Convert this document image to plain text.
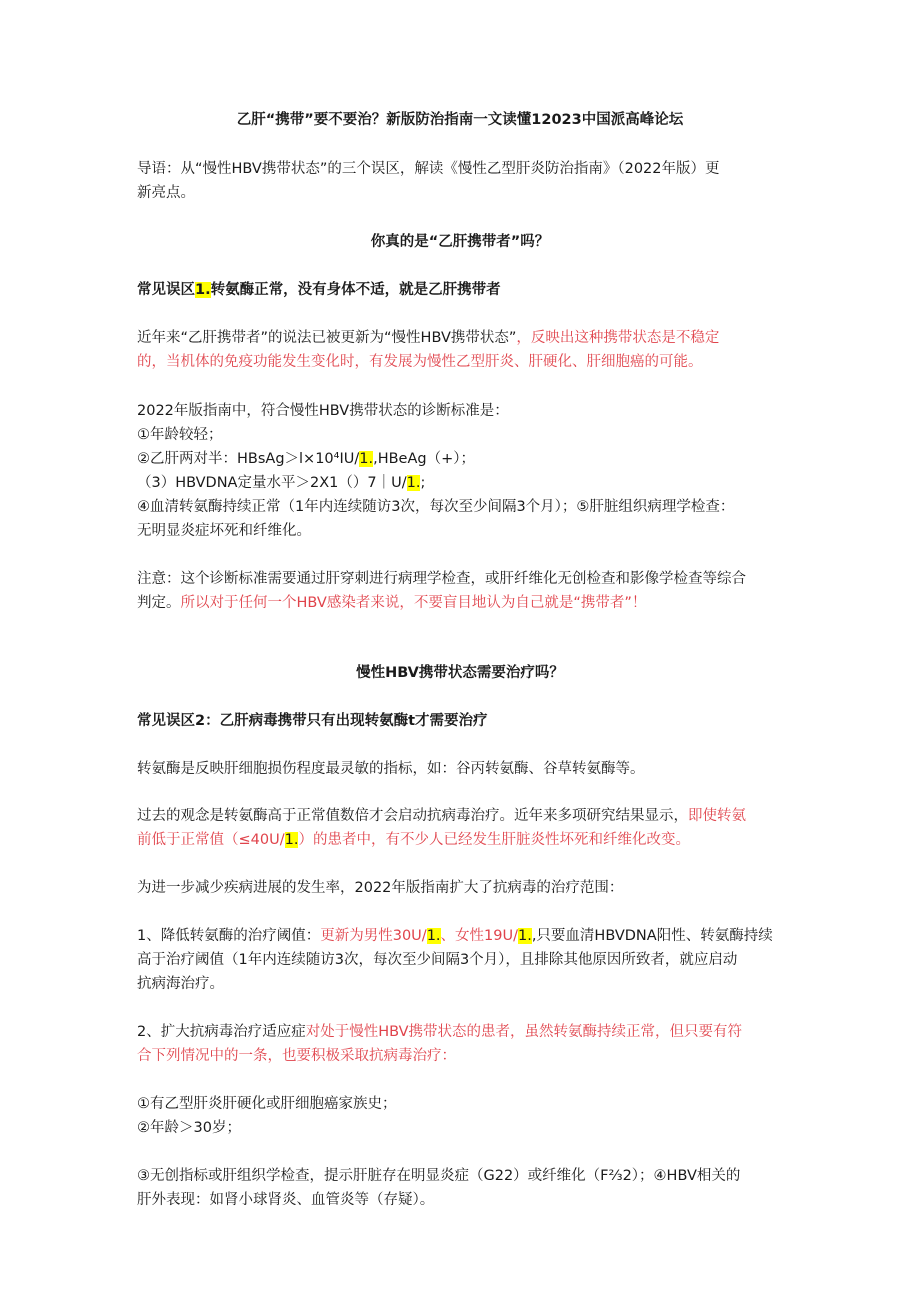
乙肝“携带”要不要治？新版防治指南一文读懂12023中国派高峰论坛
导语：从“慢性HBV携带状态”的三个误区，解读《慢性乙型肝炎防治指南》（2022年版）更
新亮点。
你真的是“乙肝携带者”吗？
常见误区1.转氨酶正常，没有身体不适，就是乙肝携带者
近年来“乙肝携带者”的说法已被更新为“慢性HBV携带状态”，反映出这种携带状态是不稳定
的，当机体的免疫功能发生变化时，有发展为慢性乙型肝炎、肝硬化、肝细胞癌的可能。
2022年版指南中，符合慢性HBV携带状态的诊断标准是：
①年龄较轻；
②乙肝两对半：HBsAg＞l×10⁴IU∕1.,HBeAg（+）；
（3）HBVDNA定量水平＞2X1（）7｜U∕1.;
④血清转氨酶持续正常（1年内连续随访3次，每次至少间隔3个月）；⑤肝脏组织病理学检查：
无明显炎症坏死和纤维化。
注意：这个诊断标准需要通过肝穿刺进行病理学检查，或肝纤维化无创检查和影像学检查等综合
判定。所以对于任何一个HBV感染者来说，不要盲目地认为自己就是“携带者”！
慢性HBV携带状态需要治疗吗？
常见误区2：乙肝病毒携带只有出现转氨酶t才需要治疗
转氨酶是反映肝细胞损伤程度最灵敏的指标，如：谷丙转氨酶、谷草转氨酶等。
过去的观念是转氨酶高于正常值数倍才会启动抗病毒治疗。近年来多项研究结果显示，即使转氨
前低于正常值（≤40U∕1.）的患者中，有不少人已经发生肝脏炎性坏死和纤维化改变。
为进一步减少疾病进展的发生率，2022年版指南扩大了抗病毒的治疗范围：
1、降低转氨酶的治疗阈值：更新为男性30U∕1.、女性19U∕1.,只要血清HBVDNA阳性、转氨酶持续
高于治疗阈值（1年内连续随访3次，每次至少间隔3个月），且排除其他原因所致者，就应启动
抗病海治疗。
2、扩大抗病毒治疗适应症对处于慢性HBV携带状态的患者，虽然转氨酶持续正常，但只要有符
合下列情况中的一条，也要积极采取抗病毒治疗：
①有乙型肝炎肝硬化或肝细胞癌家族史；
②年龄＞30岁；
③无创指标或肝组织学检查，提示肝脏存在明显炎症（G22）或纤维化（F⅔2）；④HBV相关的
肝外表现：如肾小球肾炎、血管炎等（存疑）。
